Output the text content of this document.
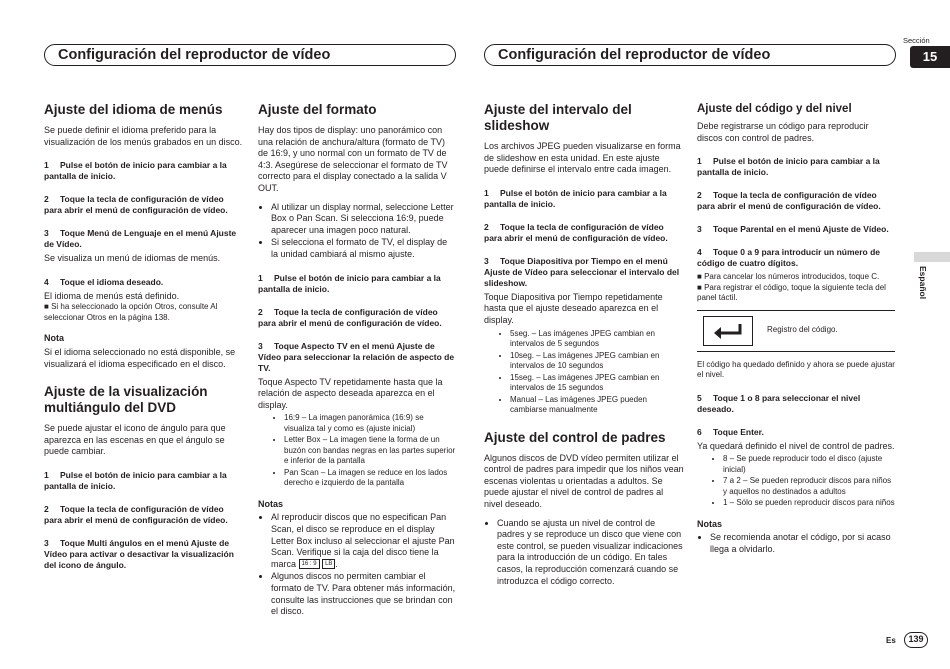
Configuración del reproductor de vídeo	Configuración del reproductor de vídeo
Sección
15
Español
Ajuste del idioma de menús

Se puede definir el idioma preferido para la visualización de los menús grabados en un disco.

1 Pulse el botón de inicio para cambiar a la pantalla de inicio.
2 Toque la tecla de configuración de vídeo para abrir el menú de configuración de vídeo.
3 Toque Menú de Lenguaje en el menú Ajuste de Vídeo.
Se visualiza un menú de idiomas de menús.
4 Toque el idioma deseado.
El idioma de menús está definido.
■ Si ha seleccionado la opción Otros, consulte Al seleccionar Otros en la página 138.
Nota

Si el idioma seleccionado no está disponible, se visualizará el idioma especificado en el disco.

Ajuste de la visualización multiángulo del DVD

Se puede ajustar el icono de ángulo para que aparezca en las escenas en que el ángulo se puede cambiar.

1 Pulse el botón de inicio para cambiar a la pantalla de inicio.
2 Toque la tecla de configuración de vídeo para abrir el menú de configuración de vídeo.
3 Toque Multi ángulos en el menú Ajuste de Vídeo para activar o desactivar la visualización del icono de ángulo.
Ajuste del formato

Hay dos tipos de display: uno panorámico con una relación de anchura/altura (formato de TV) de 16:9, y uno normal con un formato de TV de 4:3. Asegúrese de seleccionar el formato de TV correcto para el display conectado a la salida V OUT.

• Al utilizar un display normal, seleccione Letter Box o Pan Scan. Si selecciona 16:9, puede aparecer una imagen poco natural.
• Si selecciona el formato de TV, el display de la unidad cambiará al mismo ajuste.
1 Pulse el botón de inicio para cambiar a la pantalla de inicio.
2 Toque la tecla de configuración de vídeo para abrir el menú de configuración de vídeo.
3 Toque Aspecto TV en el menú Ajuste de Vídeo para seleccionar la relación de aspecto de TV.
Toque Aspecto TV repetidamente hasta que la relación de aspecto deseada aparezca en el display.
• 16:9 – La imagen panorámica (16:9) se visualiza tal y como es (ajuste inicial)
• Letter Box – La imagen tiene la forma de un buzón con bandas negras en las partes superior e inferior de la pantalla
• Pan Scan – La imagen se reduce en los lados derecho e izquierdo de la pantalla
Notas
• Al reproducir discos que no especifican Pan Scan, el disco se reproduce en el display Letter Box incluso al seleccionar el ajuste Pan Scan. Verifique si la caja del disco tiene la marca 16 : 9 LB .
• Algunos discos no permiten cambiar el formato de TV. Para obtener más información, consulte las instrucciones que se brindan con el disco.
Ajuste del intervalo del slideshow

Los archivos JPEG pueden visualizarse en forma de slideshow en esta unidad. En este ajuste puede definirse el intervalo entre cada imagen.

1 Pulse el botón de inicio para cambiar a la pantalla de inicio.
2 Toque la tecla de configuración de vídeo para abrir el menú de configuración de vídeo.
3 Toque Diapositiva por Tiempo en el menú Ajuste de Vídeo para seleccionar el intervalo del slideshow.
Toque Diapositiva por Tiempo repetidamente hasta que el ajuste deseado aparezca en el display.
• 5seg. – Las imágenes JPEG cambian en intervalos de 5 segundos
• 10seg. – Las imágenes JPEG cambian en intervalos de 10 segundos
• 15seg. – Las imágenes JPEG cambian en intervalos de 15 segundos
• Manual – Las imágenes JPEG pueden cambiarse manualmente
Ajuste del control de padres

Algunos discos de DVD vídeo permiten utilizar el control de padres para impedir que los niños vean escenas violentas u orientadas a adultos. Se puede ajustar el nivel de control de padres al nivel deseado.

• Cuando se ajusta un nivel de control de padres y se reproduce un disco que viene con este control, se pueden visualizar indicaciones para la introducción de un código. En tales casos, la reproducción comenzará cuando se introduzca el código correcto.
Ajuste del código y del nivel

Debe registrarse un código para reproducir discos con control de padres.

1 Pulse el botón de inicio para cambiar a la pantalla de inicio.
2 Toque la tecla de configuración de vídeo para abrir el menú de configuración de vídeo.
3 Toque Parental en el menú Ajuste de Vídeo.
4 Toque 0 a 9 para introducir un número de código de cuatro dígitos.
■ Para cancelar los números introducidos, toque C.
■ Para registrar el código, toque la siguiente tecla del panel táctil.
Registro del código.
El código ha quedado definido y ahora se puede ajustar el nivel.
5 Toque 1 o 8 para seleccionar el nivel deseado.
6 Toque Enter.
Ya quedará definido el nivel de control de padres.
• 8 – Se puede reproducir todo el disco (ajuste inicial)
• 7 a 2 – Se pueden reproducir discos para niños y aquellos no destinados a adultos
• 1 – Sólo se pueden reproducir discos para niños
Notas
• Se recomienda anotar el código, por si acaso llega a olvidarlo.
Es	139
